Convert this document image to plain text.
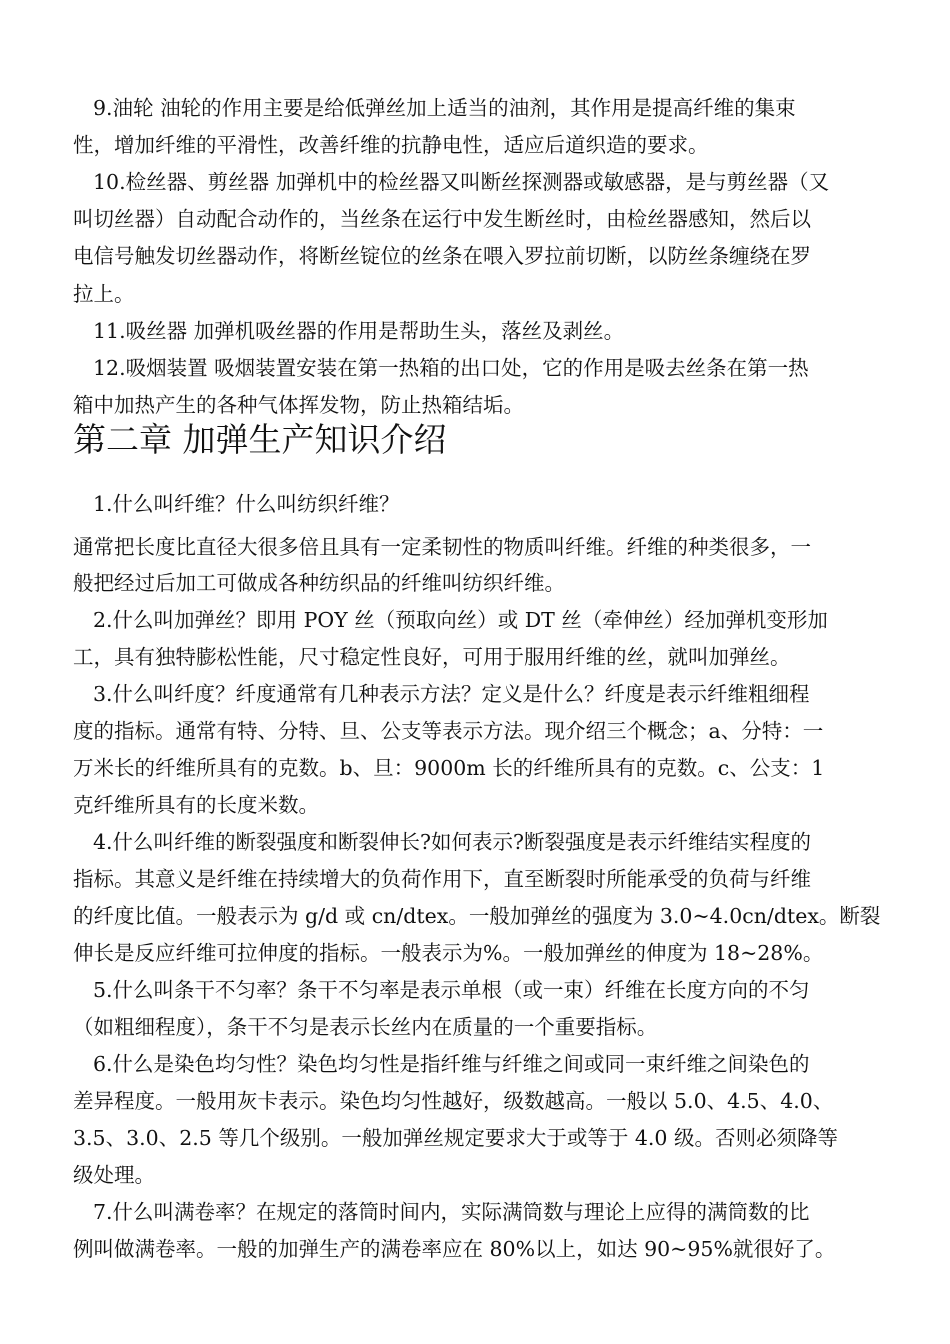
9.油轮 油轮的作用主要是给低弹丝加上适当的油剂，其作用是提高纤维的集束
性，增加纤维的平滑性，改善纤维的抗静电性，适应后道织造的要求。
10.检丝器、剪丝器 加弹机中的检丝器又叫断丝探测器或敏感器，是与剪丝器（又
叫切丝器）自动配合动作的，当丝条在运行中发生断丝时，由检丝器感知，然后以
电信号触发切丝器动作，将断丝锭位的丝条在喂入罗拉前切断，以防丝条缠绕在罗
拉上。
11.吸丝器 加弹机吸丝器的作用是帮助生头，落丝及剥丝。
12.吸烟装置 吸烟装置安装在第一热箱的出口处，它的作用是吸去丝条在第一热
箱中加热产生的各种气体挥发物，防止热箱结垢。
第二章 加弹生产知识介绍
1.什么叫纤维？什么叫纺织纤维？
通常把长度比直径大很多倍且具有一定柔韧性的物质叫纤维。纤维的种类很多，一
般把经过后加工可做成各种纺织品的纤维叫纺织纤维。
2.什么叫加弹丝？即用 POY 丝（预取向丝）或 DT 丝（牵伸丝）经加弹机变形加
工，具有独特膨松性能，尺寸稳定性良好，可用于服用纤维的丝，就叫加弹丝。
3.什么叫纤度？纤度通常有几种表示方法？定义是什么？纤度是表示纤维粗细程
度的指标。通常有特、分特、旦、公支等表示方法。现介绍三个概念；a、分特：一
万米长的纤维所具有的克数。b、旦：9000m 长的纤维所具有的克数。c、公支：1
克纤维所具有的长度米数。
4.什么叫纤维的断裂强度和断裂伸长?如何表示?断裂强度是表示纤维结实程度的
指标。其意义是纤维在持续增大的负荷作用下，直至断裂时所能承受的负荷与纤维
的纤度比值。一般表示为 g/d 或 cn/dtex。一般加弹丝的强度为 3.0~4.0cn/dtex。断裂
伸长是反应纤维可拉伸度的指标。一般表示为%。一般加弹丝的伸度为 18~28%。
5.什么叫条干不匀率？条干不匀率是表示单根（或一束）纤维在长度方向的不匀
（如粗细程度），条干不匀是表示长丝内在质量的一个重要指标。
6.什么是染色均匀性？染色均匀性是指纤维与纤维之间或同一束纤维之间染色的
差异程度。一般用灰卡表示。染色均匀性越好，级数越高。一般以 5.0、4.5、4.0、
3.5、3.0、2.5 等几个级别。一般加弹丝规定要求大于或等于 4.0 级。否则必须降等
级处理。
7.什么叫满卷率？在规定的落筒时间内，实际满筒数与理论上应得的满筒数的比
例叫做满卷率。一般的加弹生产的满卷率应在 80%以上，如达 90~95%就很好了。
